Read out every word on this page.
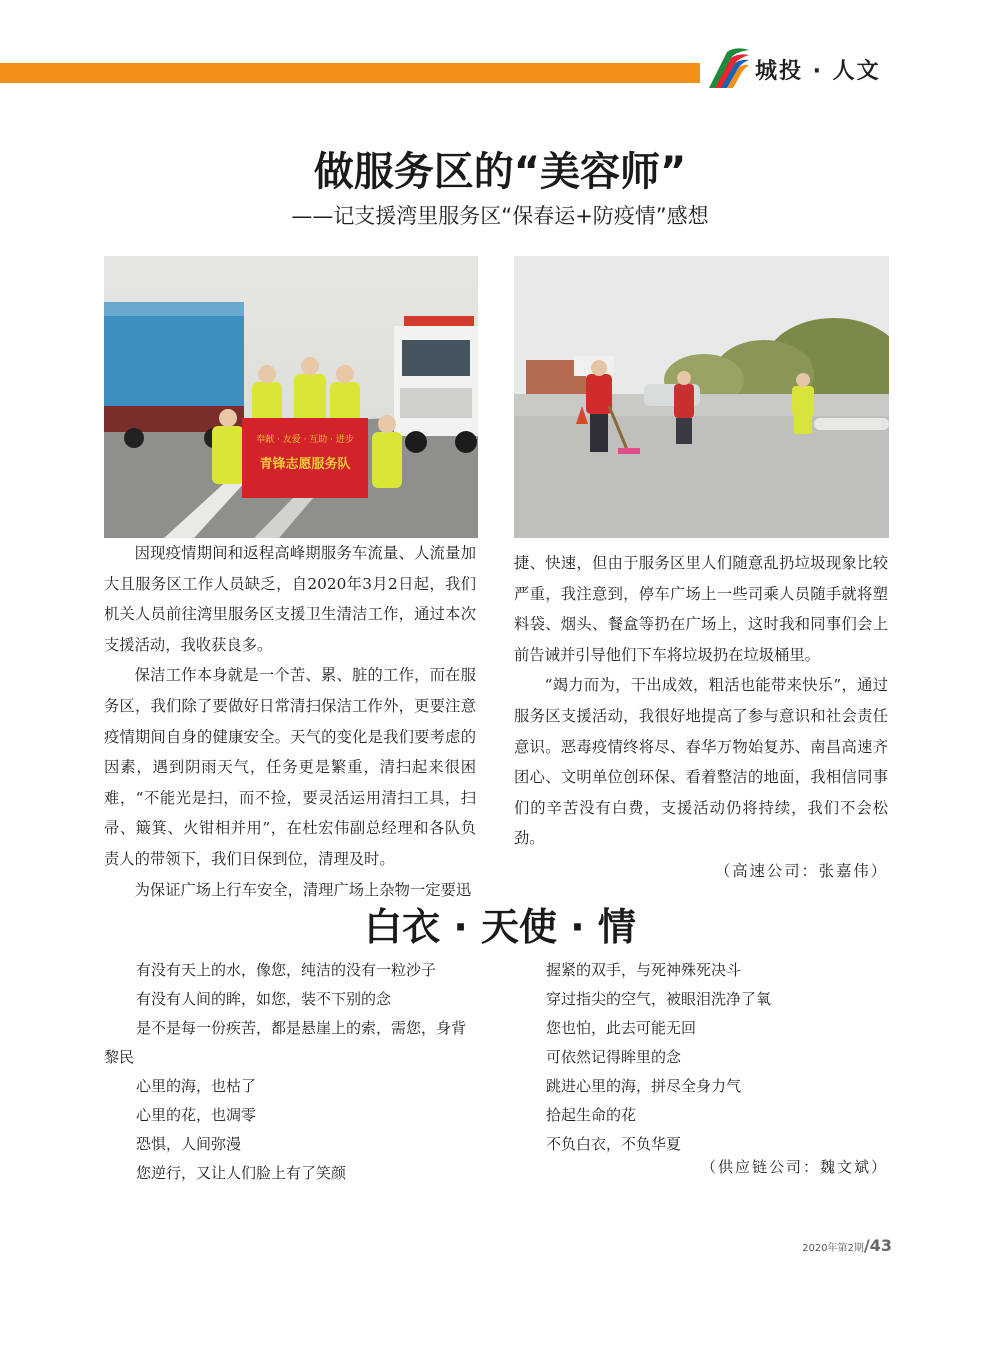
城投 · 人文
做服务区的“美容师”
——记支援湾里服务区“保春运+防疫情”感想
奉献 · 友爱 · 互助 · 进步
青锋志愿服务队

因现疫情期间和返程高峰期服务车流量、人流量加大且服务区工作人员缺乏，自2020年3月2日起，我们机关人员前往湾里服务区支援卫生清洁工作，通过本次支援活动，我收获良多。

保洁工作本身就是一个苦、累、脏的工作，而在服务区，我们除了要做好日常清扫保洁工作外，更要注意疫情期间自身的健康安全。天气的变化是我们要考虑的因素，遇到阴雨天气，任务更是繁重，清扫起来很困难，“不能光是扫，而不捡，要灵活运用清扫工具，扫帚、簸箕、火钳相并用”，在杜宏伟副总经理和各队负责人的带领下，我们日保到位，清理及时。

为保证广场上行车安全，清理广场上杂物一定要迅

捷、快速，但由于服务区里人们随意乱扔垃圾现象比较严重，我注意到，停车广场上一些司乘人员随手就将塑料袋、烟头、餐盒等扔在广场上，这时我和同事们会上前告诫并引导他们下车将垃圾扔在垃圾桶里。

“竭力而为，干出成效，粗活也能带来快乐”，通过服务区支援活动，我很好地提高了参与意识和社会责任意识。恶毒疫情终将尽、春华万物始复苏、南昌高速齐团心、文明单位创环保、看着整洁的地面，我相信同事们的辛苦没有白费，支援活动仍将持续，我们不会松劲。

（高速公司：张嘉伟）
白衣 · 天使 · 情
有没有天上的水，像您，纯洁的没有一粒沙子
有没有人间的眸，如您，装不下别的念
是不是每一份疾苦，都是悬崖上的索，需您，身背
黎民
心里的海，也枯了
心里的花，也凋零
恐惧，人间弥漫
您逆行，又让人们脸上有了笑颜
握紧的双手，与死神殊死决斗
穿过指尖的空气，被眼泪洗净了氧
您也怕，此去可能无回
可依然记得眸里的念
跳进心里的海，拼尽全身力气
拾起生命的花
不负白衣，不负华夏
（供应链公司：魏文斌）
2020年第2期/43
